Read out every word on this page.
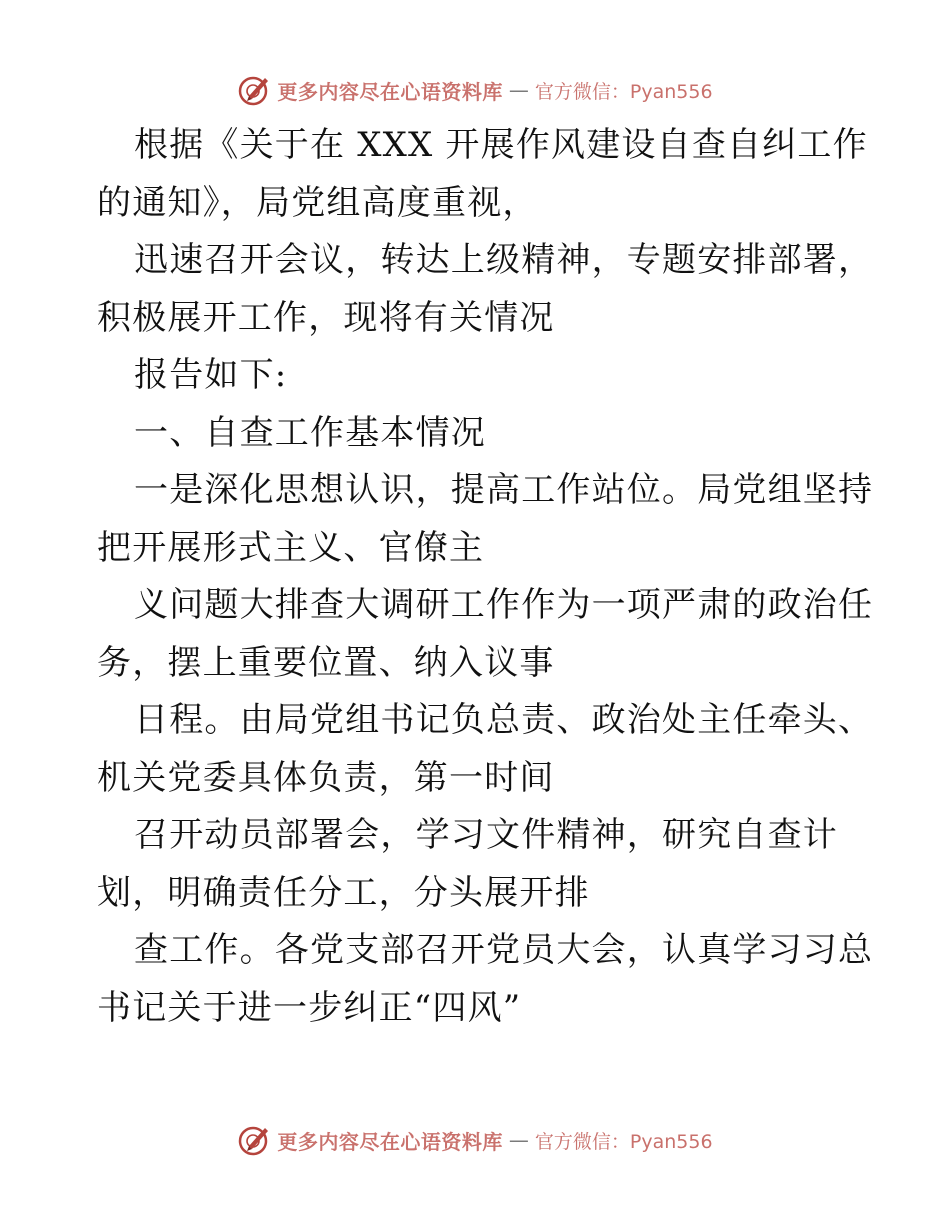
更多内容尽在心语资料库 — 官方微信：Pyan556
根据《关于在 XXX 开展作风建设自查自纠工作
的通知》，局党组高度重视，
迅速召开会议，转达上级精神，专题安排部署，
积极展开工作，现将有关情况
报告如下:
一、自查工作基本情况
一是深化思想认识，提高工作站位。局党组坚持
把开展形式主义、官僚主
义问题大排查大调研工作作为一项严肃的政治任
务，摆上重要位置、纳入议事
日程。由局党组书记负总责、政治处主任牵头、
机关党委具体负责，第一时间
召开动员部署会，学习文件精神，研究自查计
划，明确责任分工，分头展开排
查工作。各党支部召开党员大会，认真学习习总
书记关于进一步纠正“四风”
更多内容尽在心语资料库 — 官方微信：Pyan556
